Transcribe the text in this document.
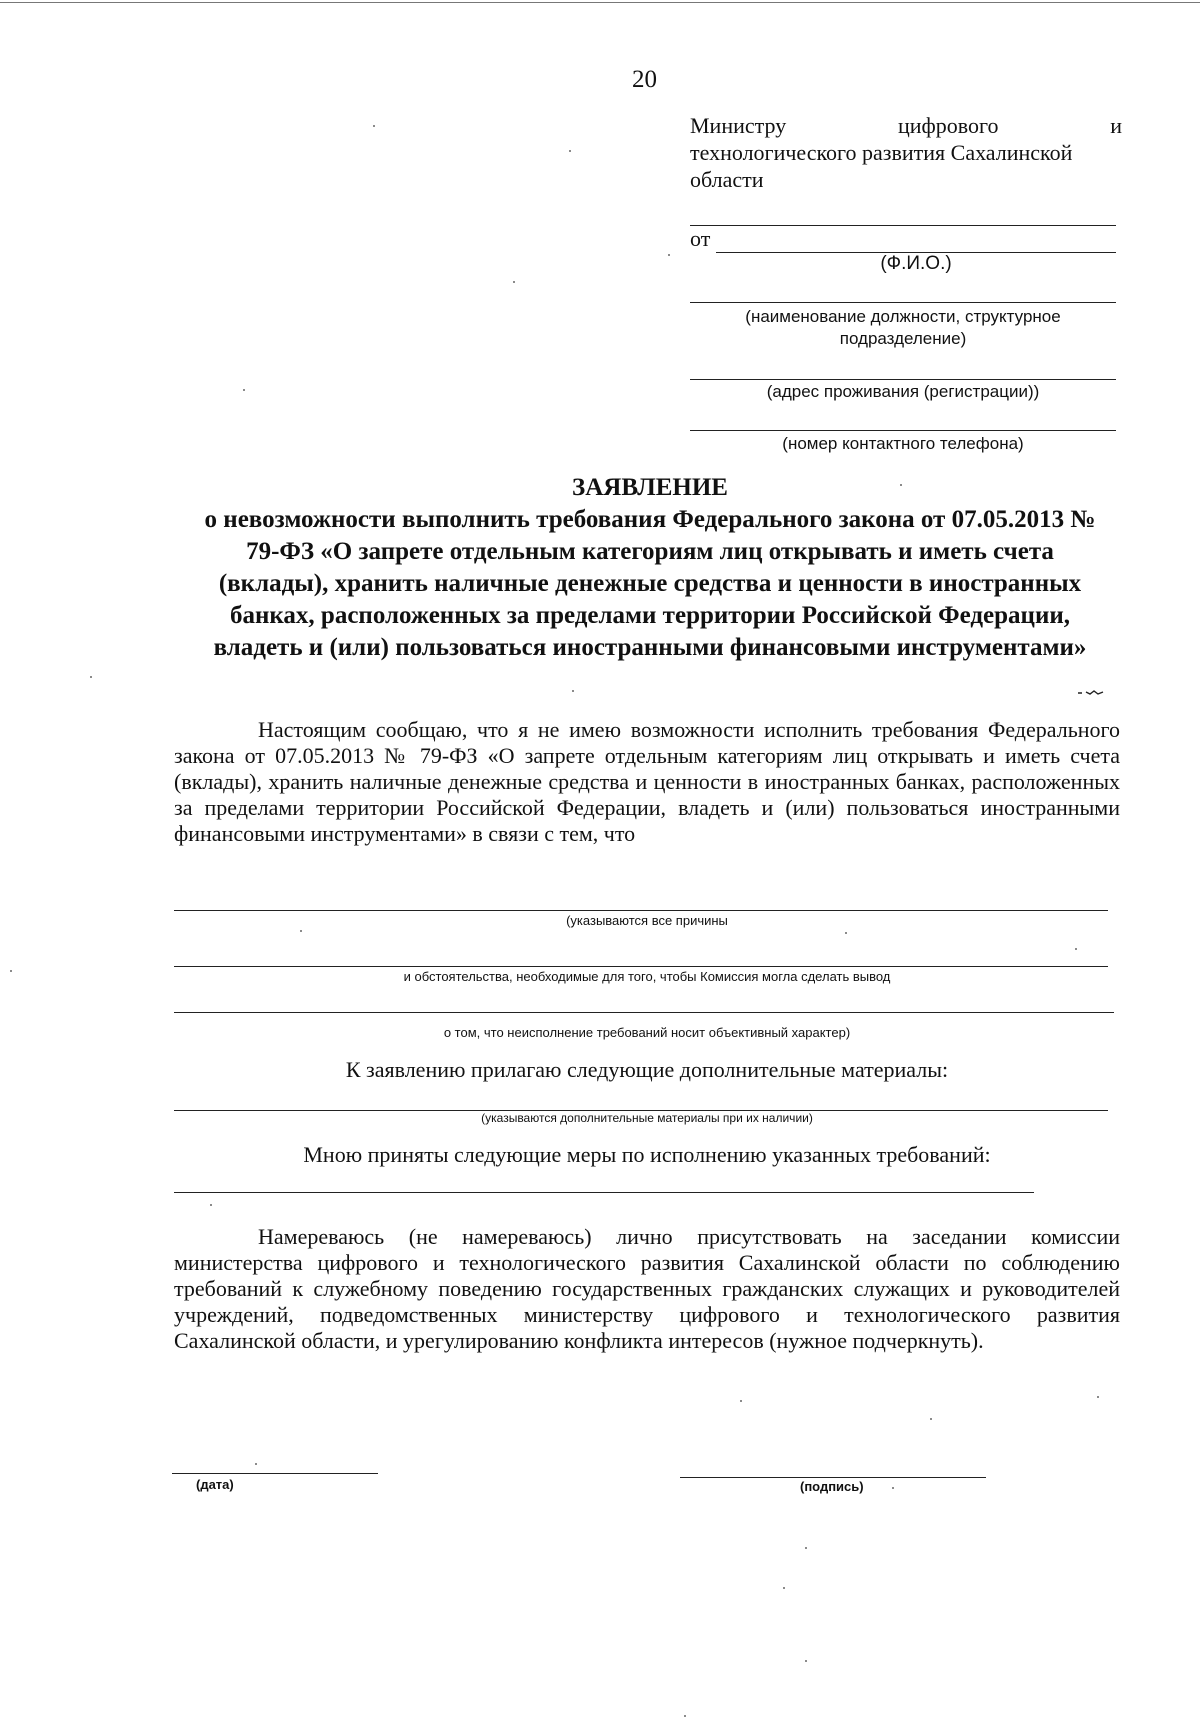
20
Министру	цифрового	и
технологического развития Сахалинской
области
от
(Ф.И.О.)
(наименование должности, структурное
подразделение)
(адрес проживания (регистрации))
(номер контактного телефона)
ЗАЯВЛЕНИЕ
о невозможности выполнить требования Федерального закона от 07.05.2013 №
79-ФЗ «О запрете отдельным категориям лиц открывать и иметь счета
(вклады), хранить наличные денежные средства и ценности в иностранных
банках, расположенных за пределами территории Российской Федерации,
владеть и (или) пользоваться иностранными финансовыми инструментами»
Настоящим сообщаю, что я не имею возможности исполнить требования Федерального закона от 07.05.2013 № 79-ФЗ «О запрете отдельным категориям лиц открывать и иметь счета (вклады), хранить наличные денежные средства и ценности в иностранных банках, расположенных за пределами территории Российской Федерации, владеть и (или) пользоваться иностранными финансовыми инструментами» в связи с тем, что
(указываются все причины
и обстоятельства, необходимые для того, чтобы Комиссия могла сделать вывод
о том, что неисполнение требований носит объективный характер)
К заявлению прилагаю следующие дополнительные материалы:
(указываются дополнительные материалы при их наличии)
Мною приняты следующие меры по исполнению указанных требований:
Намереваюсь (не намереваюсь) лично присутствовать на заседании комиссии министерства цифрового и технологического развития Сахалинской области по соблюдению требований к служебному поведению государственных гражданских служащих и руководителей учреждений, подведомственных министерству цифрового и технологического развития Сахалинской области, и урегулированию конфликта интересов (нужное подчеркнуть).
(дата)	(подпись)
